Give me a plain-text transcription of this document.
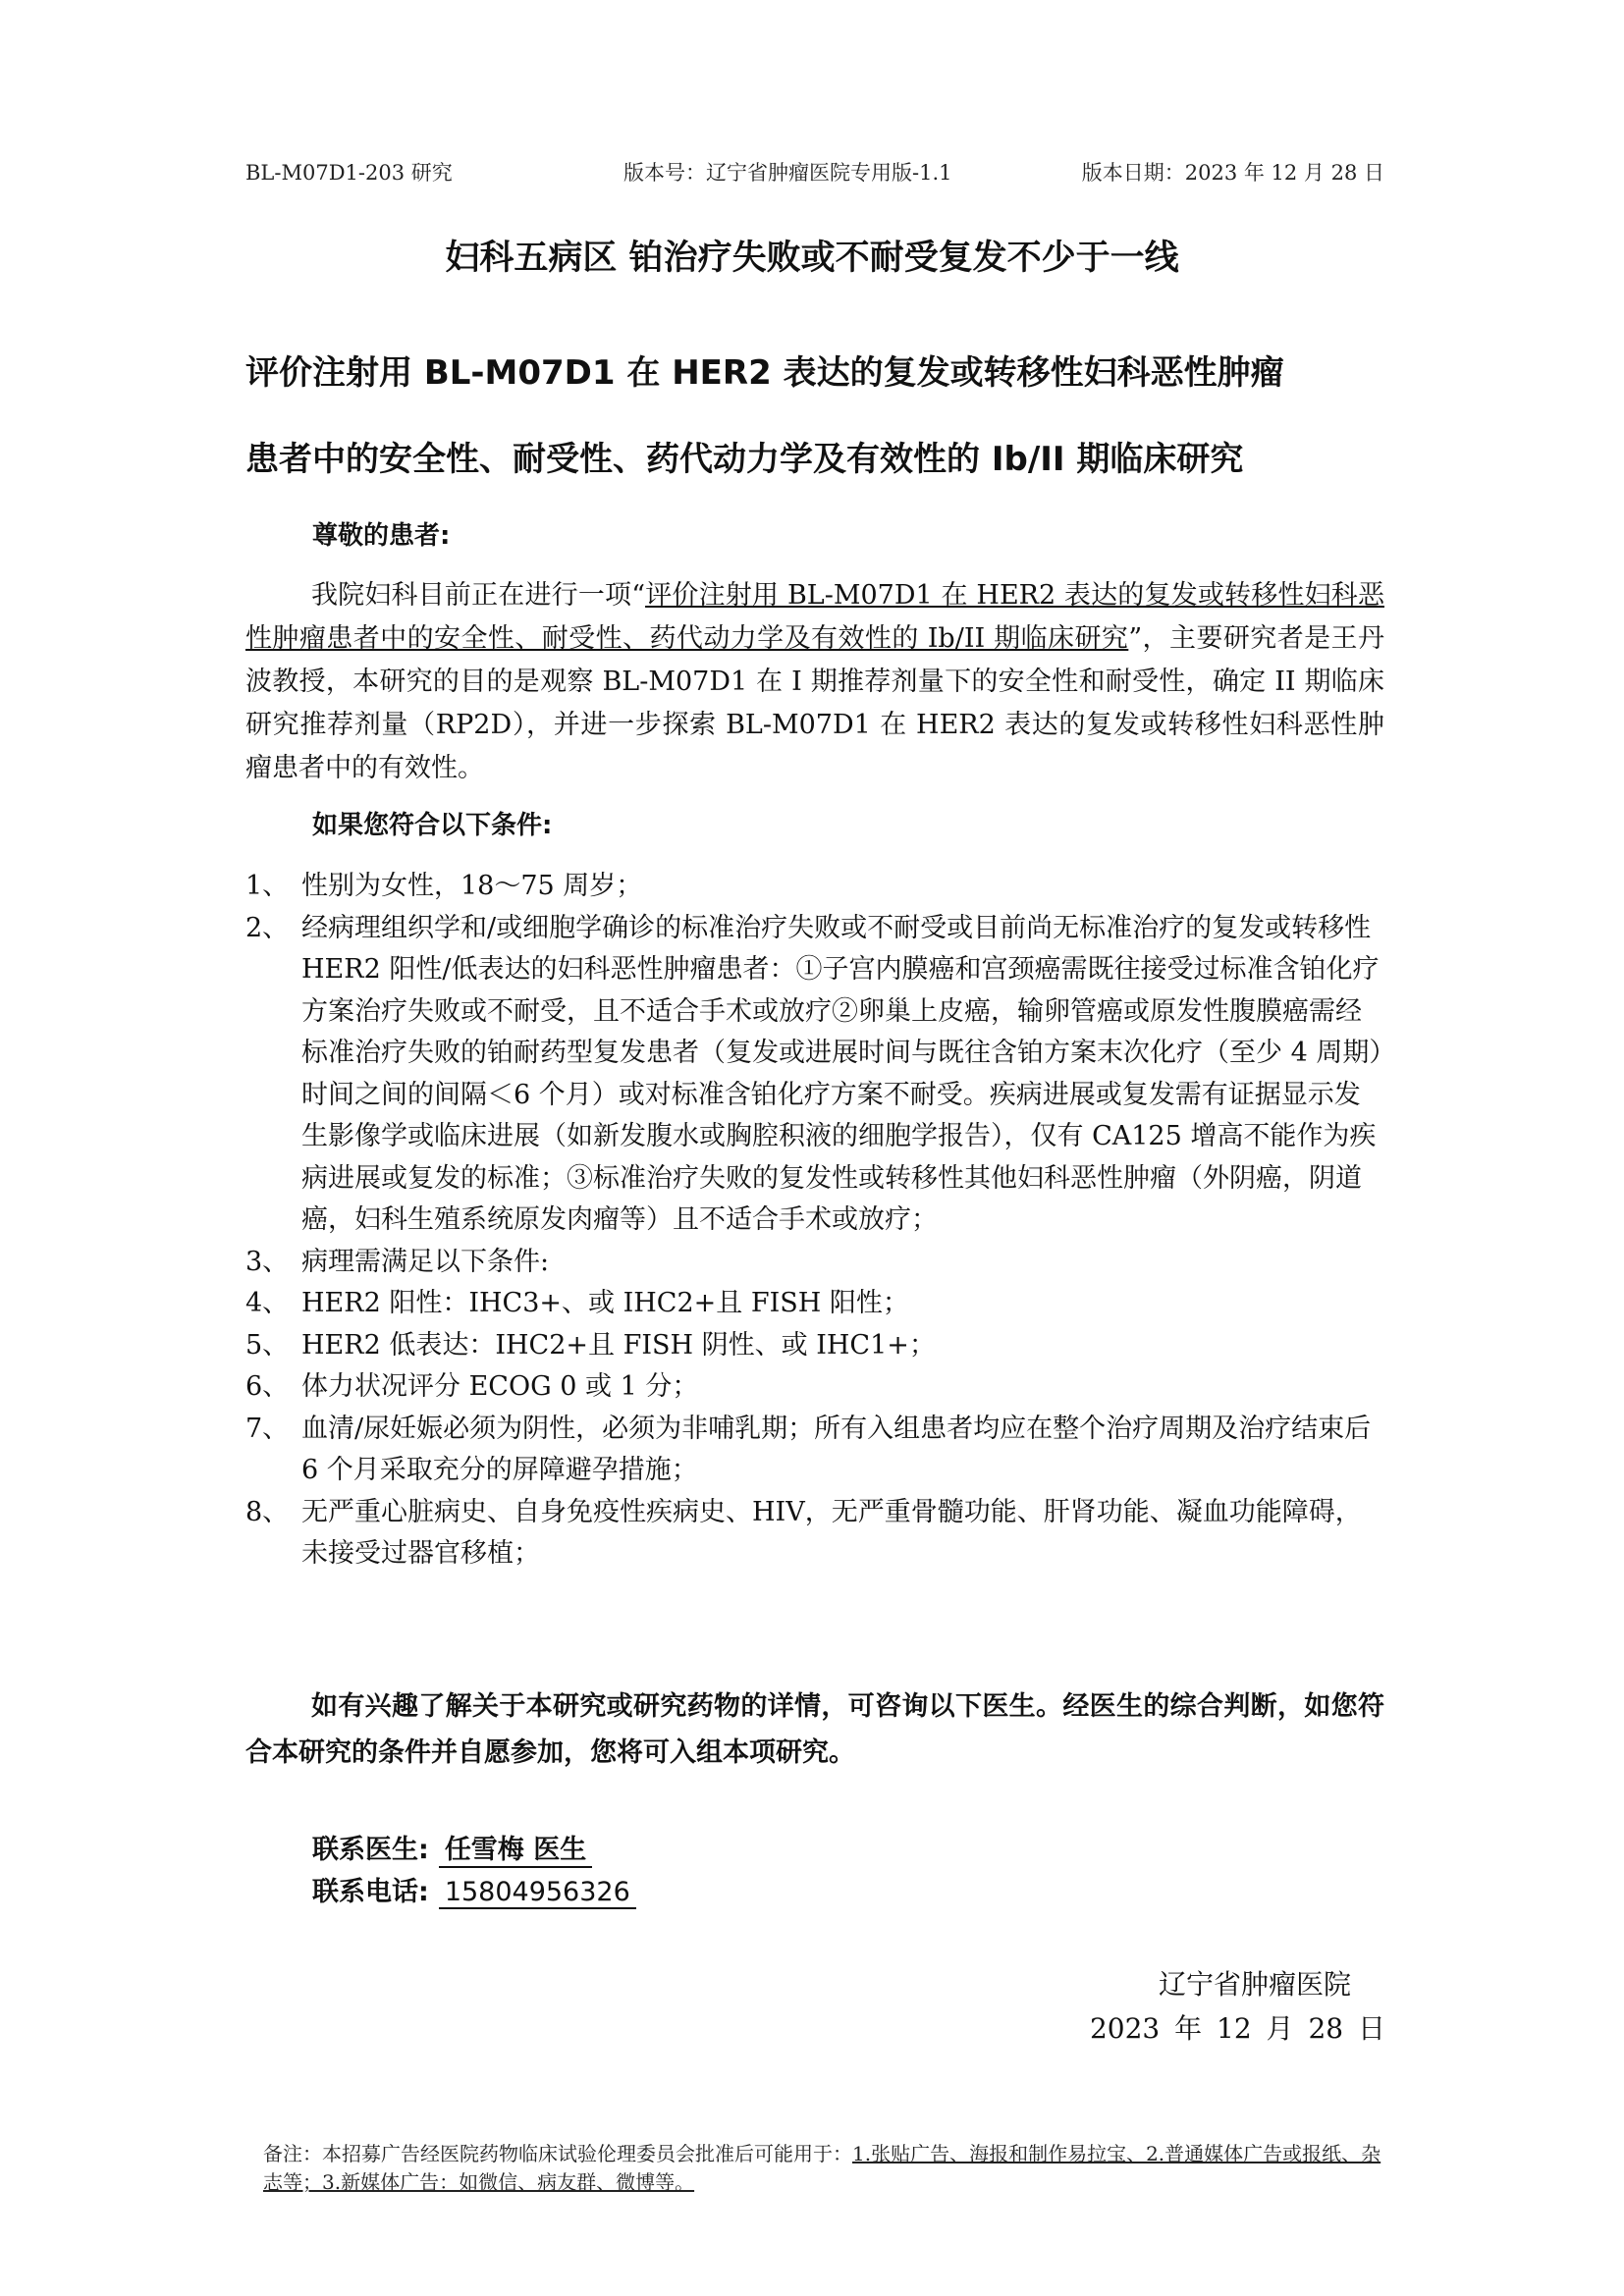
BL-M07D1-203 研究	版本号：辽宁省肿瘤医院专用版-1.1	版本日期：2023 年 12 月 28 日
妇科五病区 铂治疗失败或不耐受复发不少于一线
评价注射用 BL-M07D1 在 HER2 表达的复发或转移性妇科恶性肿瘤
患者中的安全性、耐受性、药代动力学及有效性的 Ib/II 期临床研究
尊敬的患者:

我院妇科目前正在进行一项“评价注射用 BL-M07D1 在 HER2 表达的复发或转移性妇科恶性肿瘤患者中的安全性、耐受性、药代动力学及有效性的 Ib/II 期临床研究”，主要研究者是王丹波教授，本研究的目的是观察 BL-M07D1 在 I 期推荐剂量下的安全性和耐受性，确定 II 期临床研究推荐剂量（RP2D），并进一步探索 BL-M07D1 在 HER2 表达的复发或转移性妇科恶性肿瘤患者中的有效性。

如果您符合以下条件:
1、 性别为女性，18～75 周岁；
2、 经病理组织学和/或细胞学确诊的标准治疗失败或不耐受或目前尚无标准治疗的复发或转移性 HER2 阳性/低表达的妇科恶性肿瘤患者：①子宫内膜癌和宫颈癌需既往接受过标准含铂化疗方案治疗失败或不耐受，且不适合手术或放疗②卵巢上皮癌，输卵管癌或原发性腹膜癌需经标准治疗失败的铂耐药型复发患者（复发或进展时间与既往含铂方案末次化疗（至少 4 周期）时间之间的间隔＜6 个月）或对标准含铂化疗方案不耐受。疾病进展或复发需有证据显示发生影像学或临床进展（如新发腹水或胸腔积液的细胞学报告），仅有 CA125 增高不能作为疾病进展或复发的标准；③标准治疗失败的复发性或转移性其他妇科恶性肿瘤（外阴癌，阴道癌，妇科生殖系统原发肉瘤等）且不适合手术或放疗；
3、 病理需满足以下条件:
4、 HER2 阳性：IHC3+、或 IHC2+且 FISH 阳性；
5、 HER2 低表达：IHC2+且 FISH 阴性、或 IHC1+；
6、 体力状况评分 ECOG 0 或 1 分；
7、 血清/尿妊娠必须为阴性，必须为非哺乳期；所有入组患者均应在整个治疗周期及治疗结束后 6 个月采取充分的屏障避孕措施；
8、 无严重心脏病史、自身免疫性疾病史、HIV，无严重骨髓功能、肝肾功能、凝血功能障碍，未接受过器官移植；

如有兴趣了解关于本研究或研究药物的详情，可咨询以下医生。经医生的综合判断，如您符合本研究的条件并自愿参加，您将可入组本项研究。

联系医生: 任雪梅 医生
联系电话: 15804956326
辽宁省肿瘤医院
2023 年 12 月 28 日

备注：本招募广告经医院药物临床试验伦理委员会批准后可能用于：1.张贴广告、海报和制作易拉宝、2.普通媒体广告或报纸、杂志等；3.新媒体广告：如微信、病友群、微博等。
